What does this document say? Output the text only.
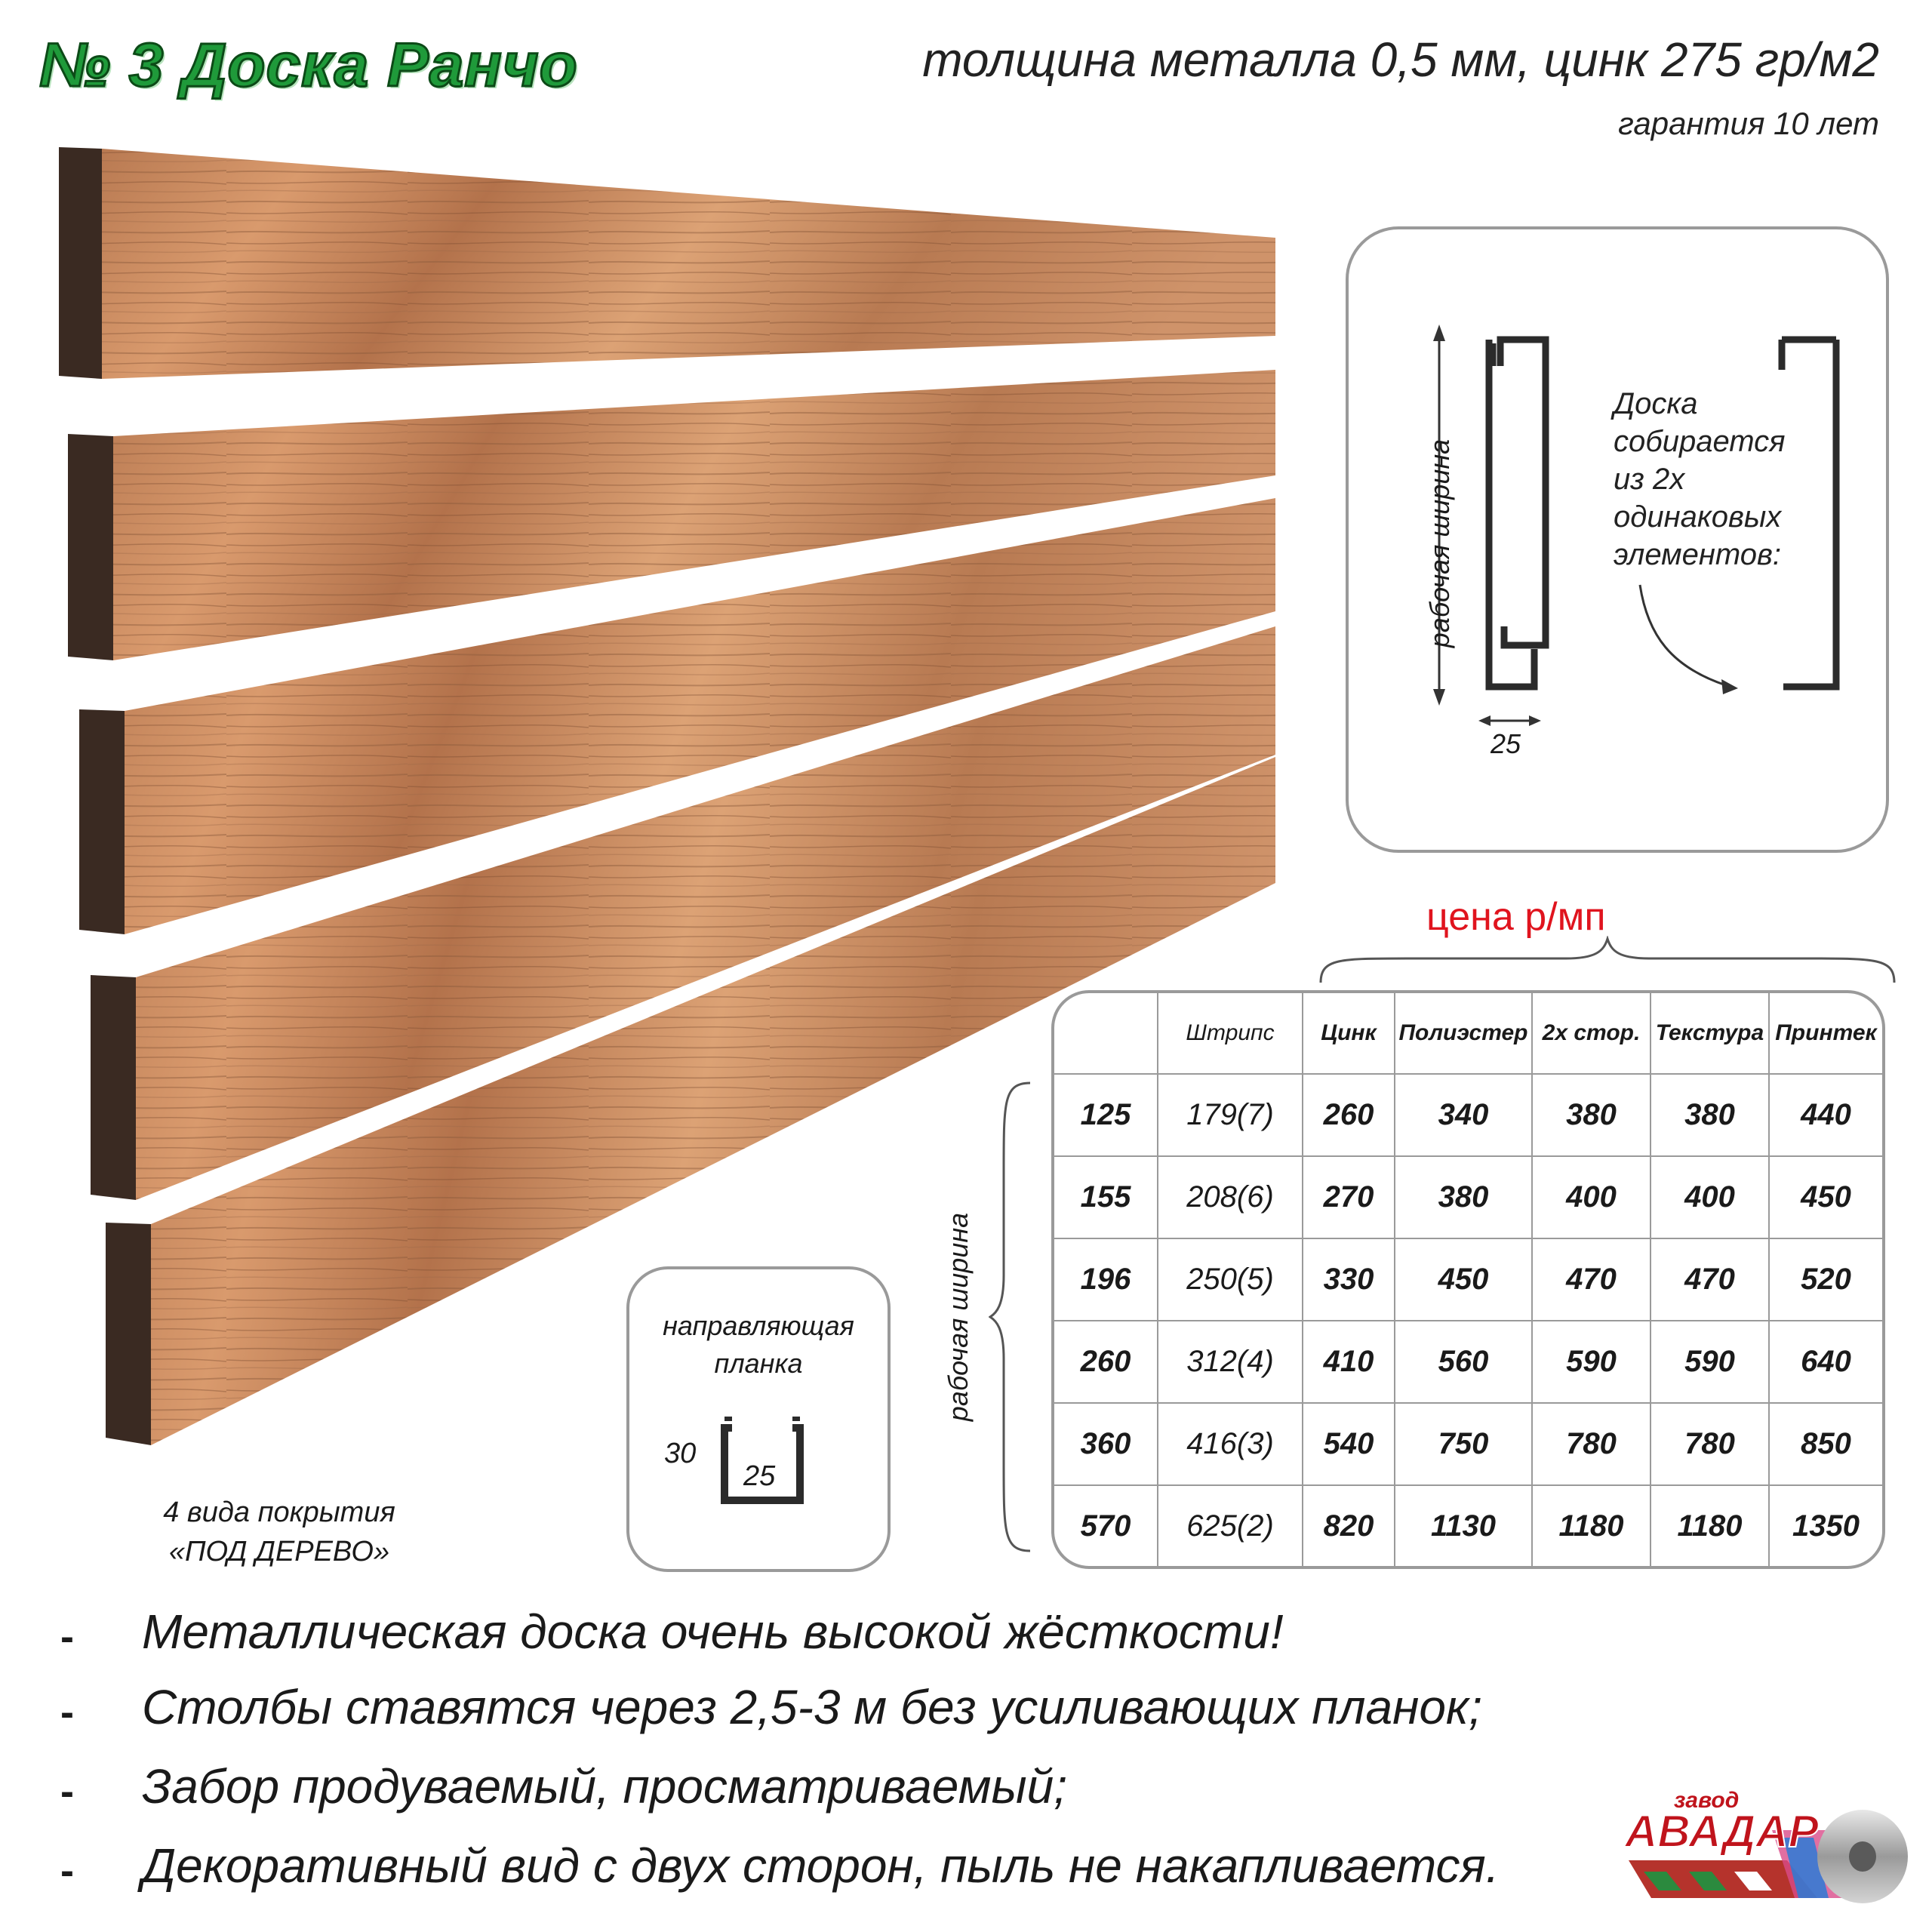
№ 3 Доска Ранчо	толщина металла 0,5 мм, цинк 275 гр/м2
гарантия 10 лет
рабочая ширина
25
Доска
собирается
из 2х
одинаковых
элементов:
направляющая
планка
30
25
4 вида покрытия
«ПОД ДЕРЕВО»
цена р/мп
	Штрипс	Цинк	Полиэстер	2х стор.	Текстура	Принтек
125	179(7)	260	340	380	380	440
155	208(6)	270	380	400	400	450
196	250(5)	330	450	470	470	520
260	312(4)	410	560	590	590	640
360	416(3)	540	750	780	780	850
570	625(2)	820	1130	1180	1180	1350
рабочая ширина
- Металлическая доска очень высокой жёсткости!
- Столбы ставятся через 2,5-3 м без усиливающих планок;
- Забор продуваемый, просматриваемый;
- Декоративный вид с двух сторон, пыль не накапливается.
завод
АВАДАР
